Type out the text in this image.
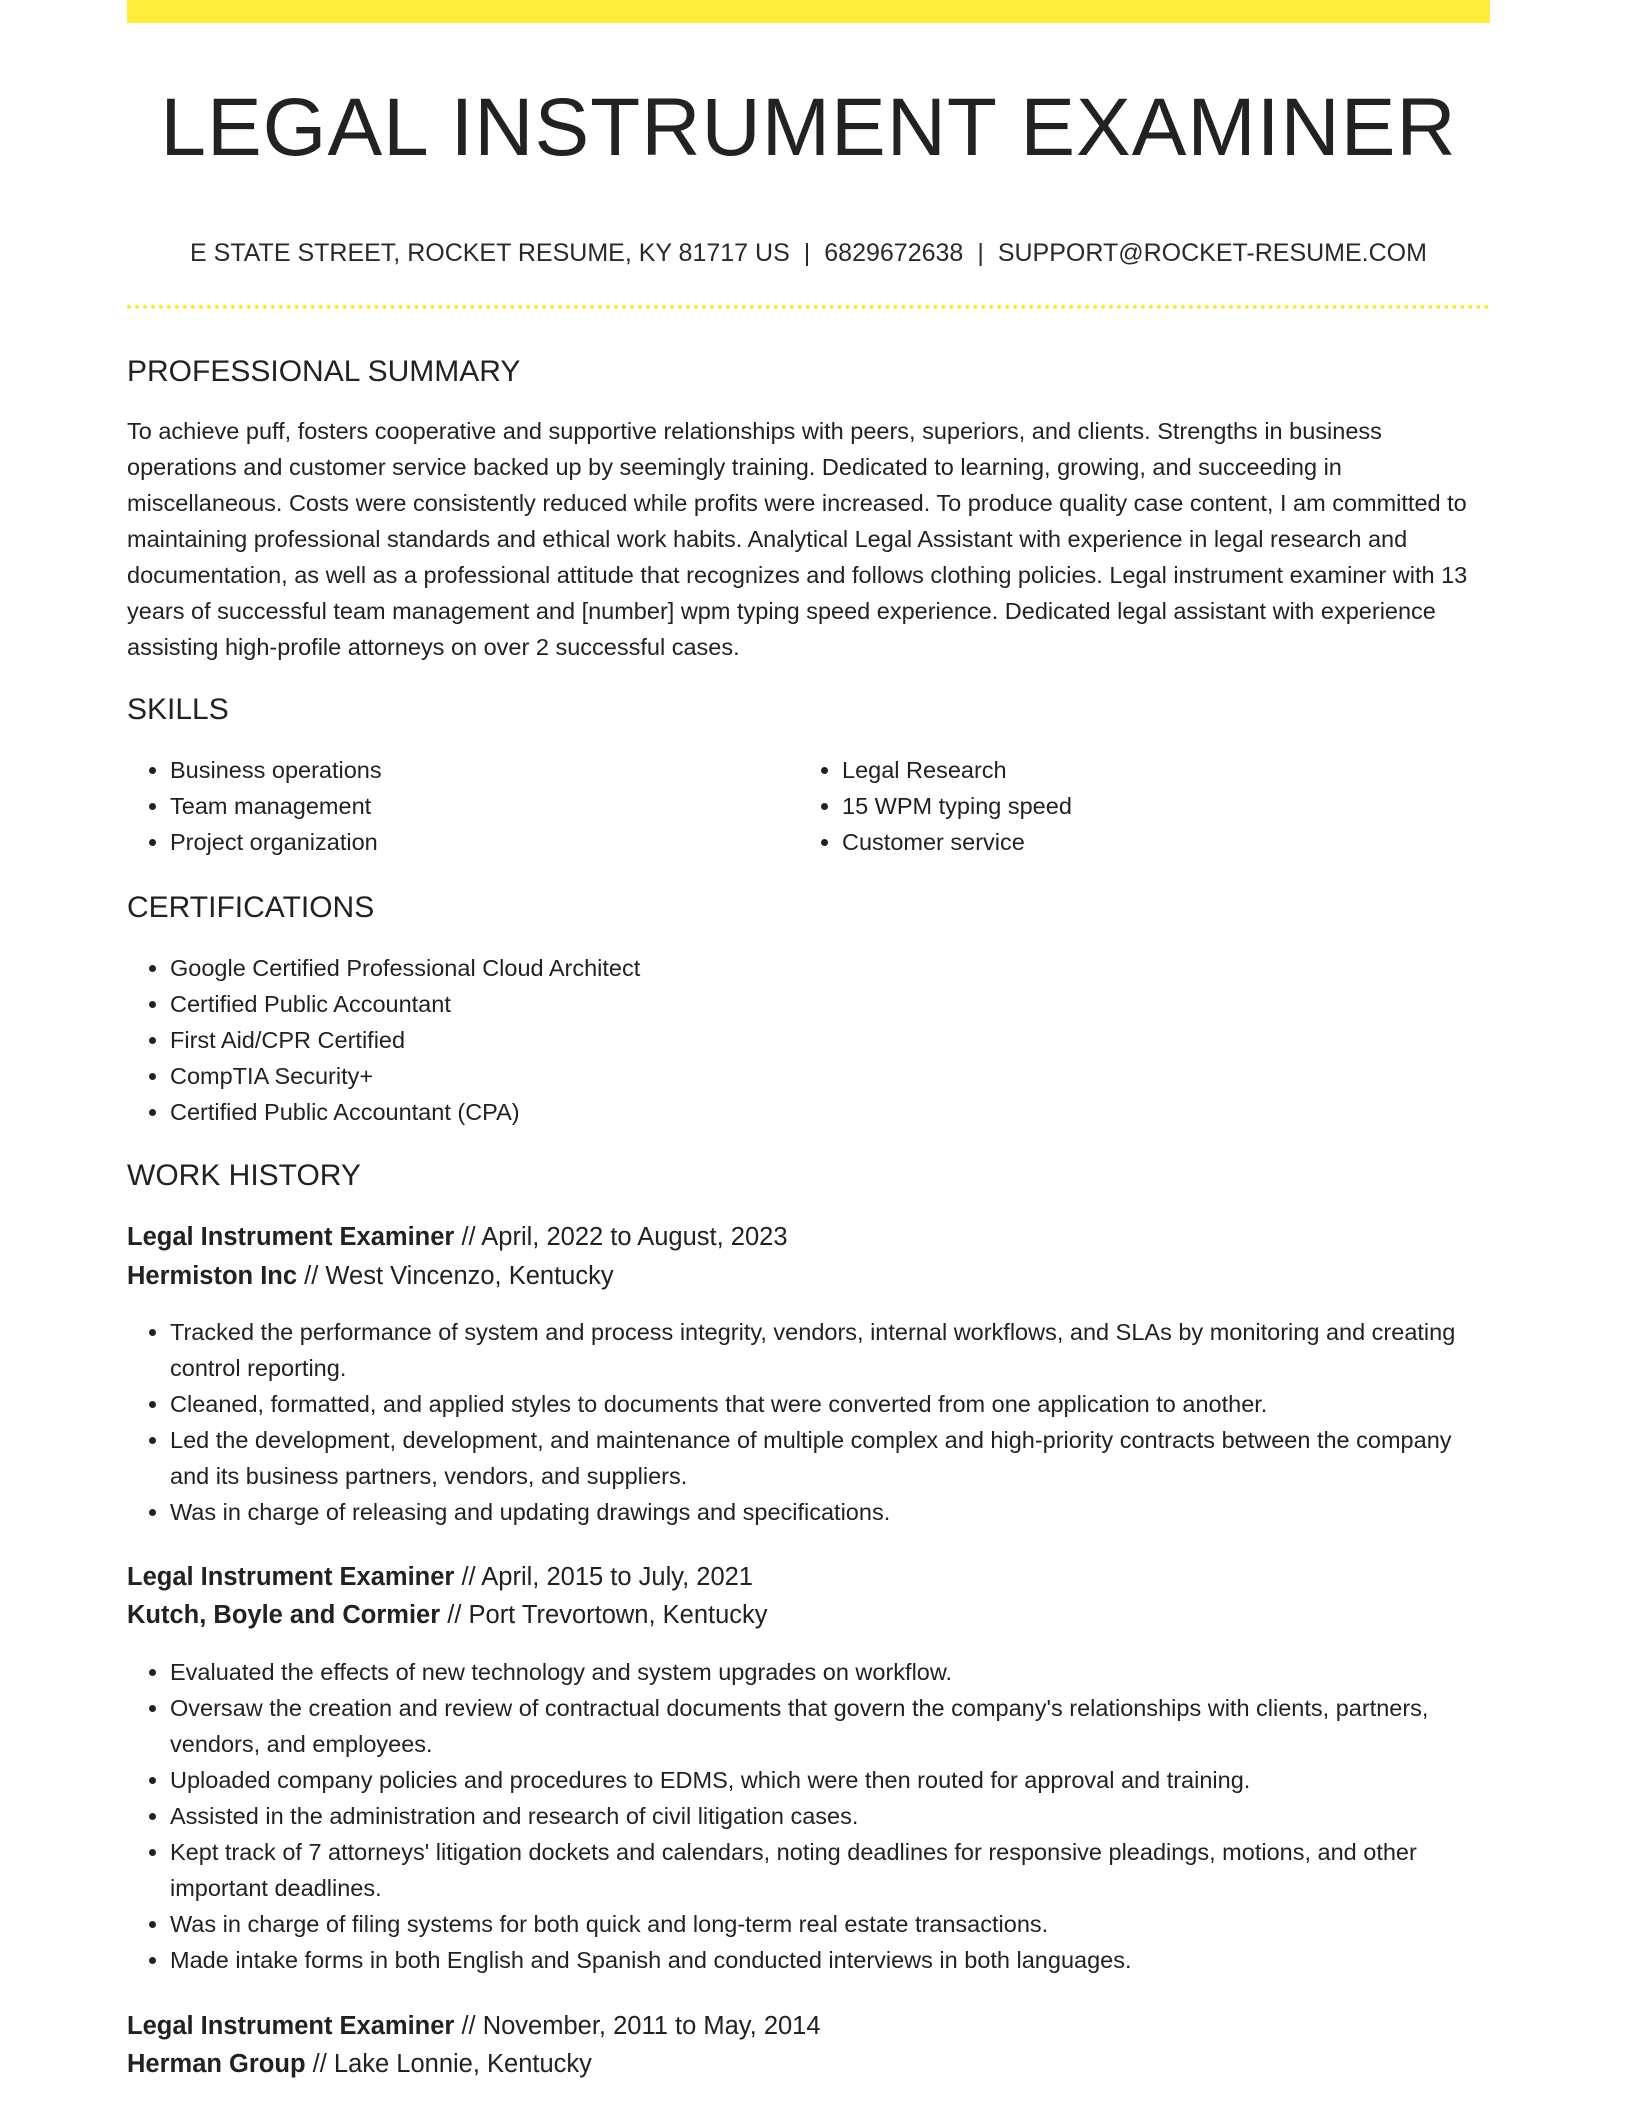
LEGAL INSTRUMENT EXAMINER
E STATE STREET, ROCKET RESUME, KY 81717 US | 6829672638 | SUPPORT@ROCKET-RESUME.COM
PROFESSIONAL SUMMARY
To achieve puff, fosters cooperative and supportive relationships with peers, superiors, and clients. Strengths in business operations and customer service backed up by seemingly training. Dedicated to learning, growing, and succeeding in miscellaneous. Costs were consistently reduced while profits were increased. To produce quality case content, I am committed to maintaining professional standards and ethical work habits. Analytical Legal Assistant with experience in legal research and documentation, as well as a professional attitude that recognizes and follows clothing policies. Legal instrument examiner with 13 years of successful team management and [number] wpm typing speed experience. Dedicated legal assistant with experience assisting high-profile attorneys on over 2 successful cases.
SKILLS
• Business operations
• Team management
• Project organization
• Legal Research
• 15 WPM typing speed
• Customer service
CERTIFICATIONS
• Google Certified Professional Cloud Architect
• Certified Public Accountant
• First Aid/CPR Certified
• CompTIA Security+
• Certified Public Accountant (CPA)
WORK HISTORY
Legal Instrument Examiner // April, 2022 to August, 2023
Hermiston Inc // West Vincenzo, Kentucky
• Tracked the performance of system and process integrity, vendors, internal workflows, and SLAs by monitoring and creating control reporting.
• Cleaned, formatted, and applied styles to documents that were converted from one application to another.
• Led the development, development, and maintenance of multiple complex and high-priority contracts between the company and its business partners, vendors, and suppliers.
• Was in charge of releasing and updating drawings and specifications.
Legal Instrument Examiner // April, 2015 to July, 2021
Kutch, Boyle and Cormier // Port Trevortown, Kentucky
• Evaluated the effects of new technology and system upgrades on workflow.
• Oversaw the creation and review of contractual documents that govern the company's relationships with clients, partners, vendors, and employees.
• Uploaded company policies and procedures to EDMS, which were then routed for approval and training.
• Assisted in the administration and research of civil litigation cases.
• Kept track of 7 attorneys' litigation dockets and calendars, noting deadlines for responsive pleadings, motions, and other important deadlines.
• Was in charge of filing systems for both quick and long-term real estate transactions.
• Made intake forms in both English and Spanish and conducted interviews in both languages.
Legal Instrument Examiner // November, 2011 to May, 2014
Herman Group // Lake Lonnie, Kentucky
